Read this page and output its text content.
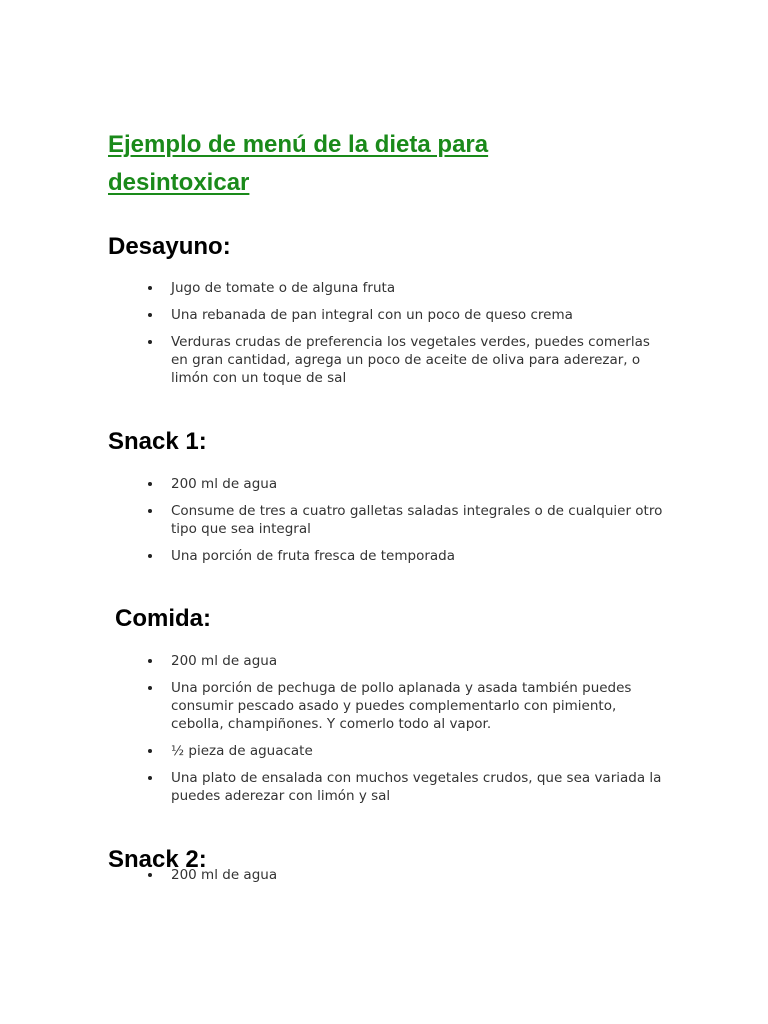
Ejemplo de menú de la dieta para desintoxicar
Desayuno:
Jugo de tomate o de alguna fruta
Una rebanada de pan integral con un poco de queso crema
Verduras crudas de preferencia los vegetales verdes, puedes comerlas en gran cantidad, agrega un poco de aceite de oliva para aderezar, o limón con un toque de sal
Snack 1:
200 ml de agua
Consume de tres a cuatro galletas saladas integrales o de cualquier otro tipo que sea integral
Una porción de fruta fresca de temporada
Comida:
200 ml de agua
Una porción de pechuga de pollo aplanada y asada también puedes consumir pescado asado y puedes complementarlo con pimiento, cebolla, champiñones. Y comerlo todo al vapor.
½ pieza de aguacate
Una plato de ensalada con muchos vegetales crudos, que sea variada la puedes aderezar con limón y sal
Snack 2:
200 ml de agua
